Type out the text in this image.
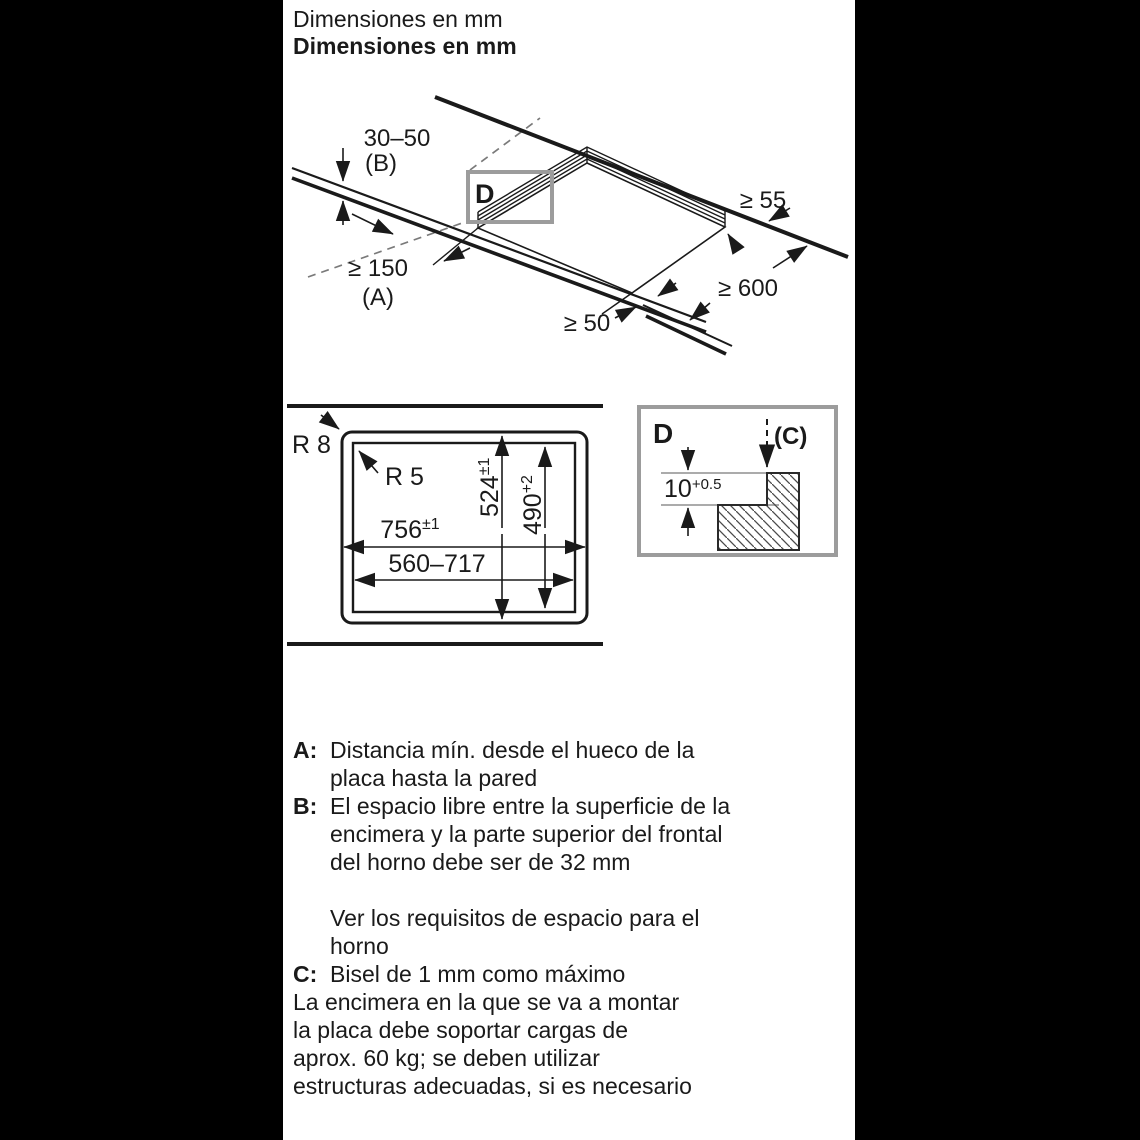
Dimensiones en mm
Dimensiones en mm
30–50
(B)
≥ 150
(A)
≥ 55
≥ 600
≥ 50
D
R 8
R 5 $524^{\pm 1}$
$490^{+2}$
$756^{\pm 1}$
560–717
D	(C)
$10^{+0.5}$
A: Distancia mín. desde el hueco de la placa hasta la pared
B: El espacio libre entre la superficie de la encimera y la parte superior del frontal del horno debe ser de 32 mm
Ver los requisitos de espacio para el horno
C: Bisel de 1 mm como máximo
La encimera en la que se va a montar la placa debe soportar cargas de aprox. 60 kg; se deben utilizar estructuras adecuadas, si es necesario
